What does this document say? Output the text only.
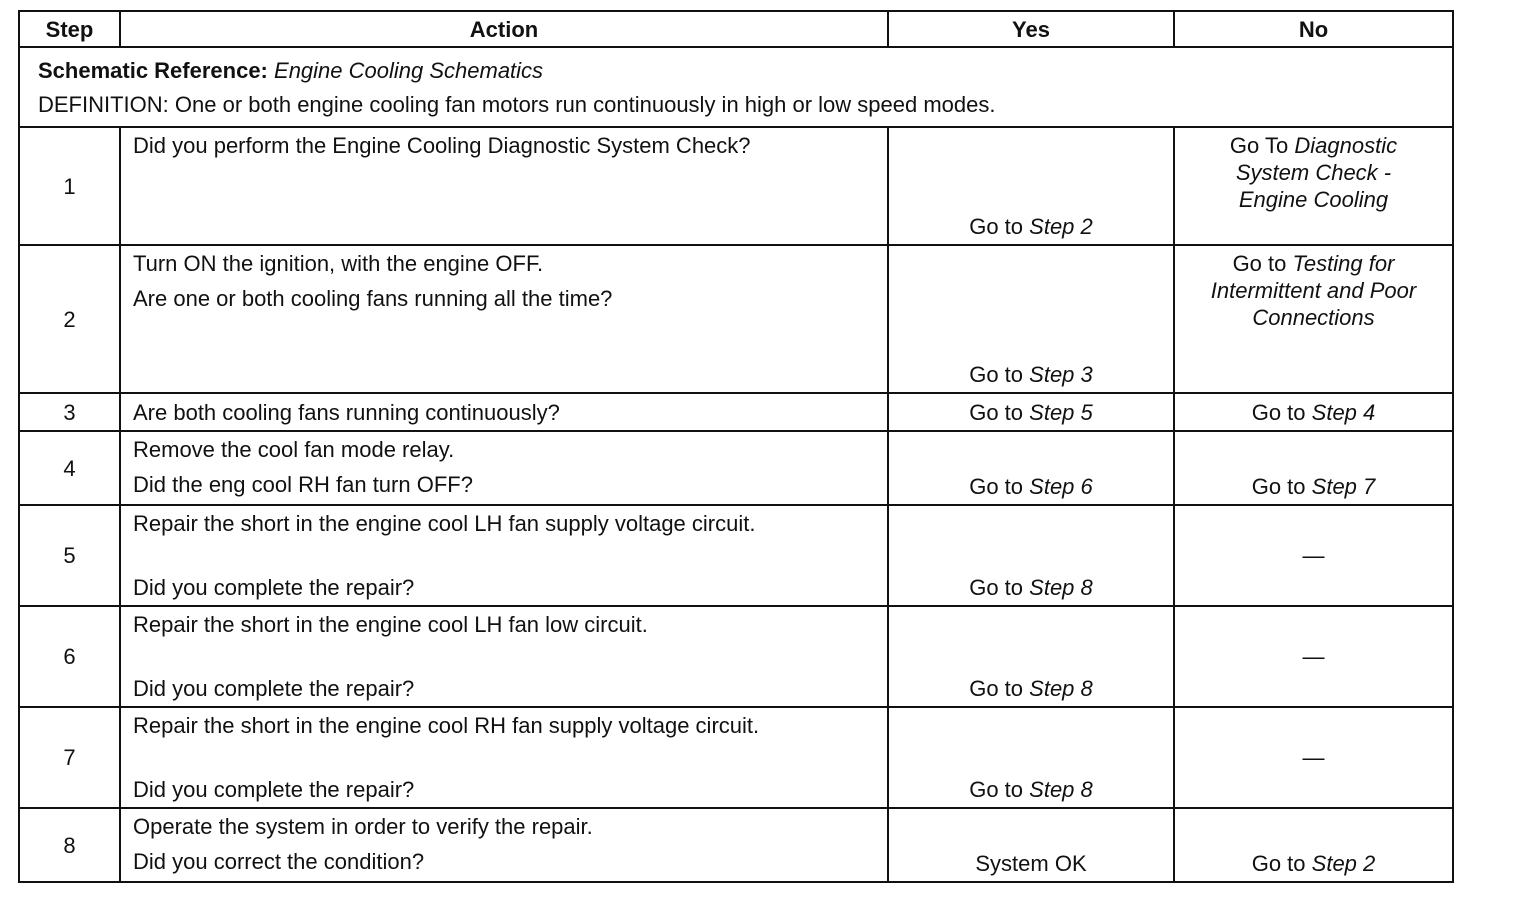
Step	Action	Yes	No

Schematic Reference: Engine Cooling Schematics
DEFINITION: One or both engine cooling fan motors run continuously in high or low speed modes.			

1	Did you perform the Engine Cooling Diagnostic System Check?	Go to Step 2	Go To Diagnostic
System Check -
Engine Cooling

2	Turn ON the ignition, with the engine OFF.
Are one or both cooling fans running all the time?	Go to Step 3	Go to Testing for
Intermittent and Poor
Connections

3	Are both cooling fans running continuously?	Go to Step 5	Go to Step 4
4	Remove the cool fan mode relay.
Did the eng cool RH fan turn OFF?	Go to Step 6	Go to Step 7

5	Repair the short in the engine cool LH fan supply voltage circuit.
Did you complete the repair?	Go to Step 8	—
6	Repair the short in the engine cool LH fan low circuit.
Did you complete the repair?	Go to Step 8	—
7	Repair the short in the engine cool RH fan supply voltage circuit.
Did you complete the repair?	Go to Step 8	—
8	Operate the system in order to verify the repair.
Did you correct the condition?	System OK	Go to Step 2
